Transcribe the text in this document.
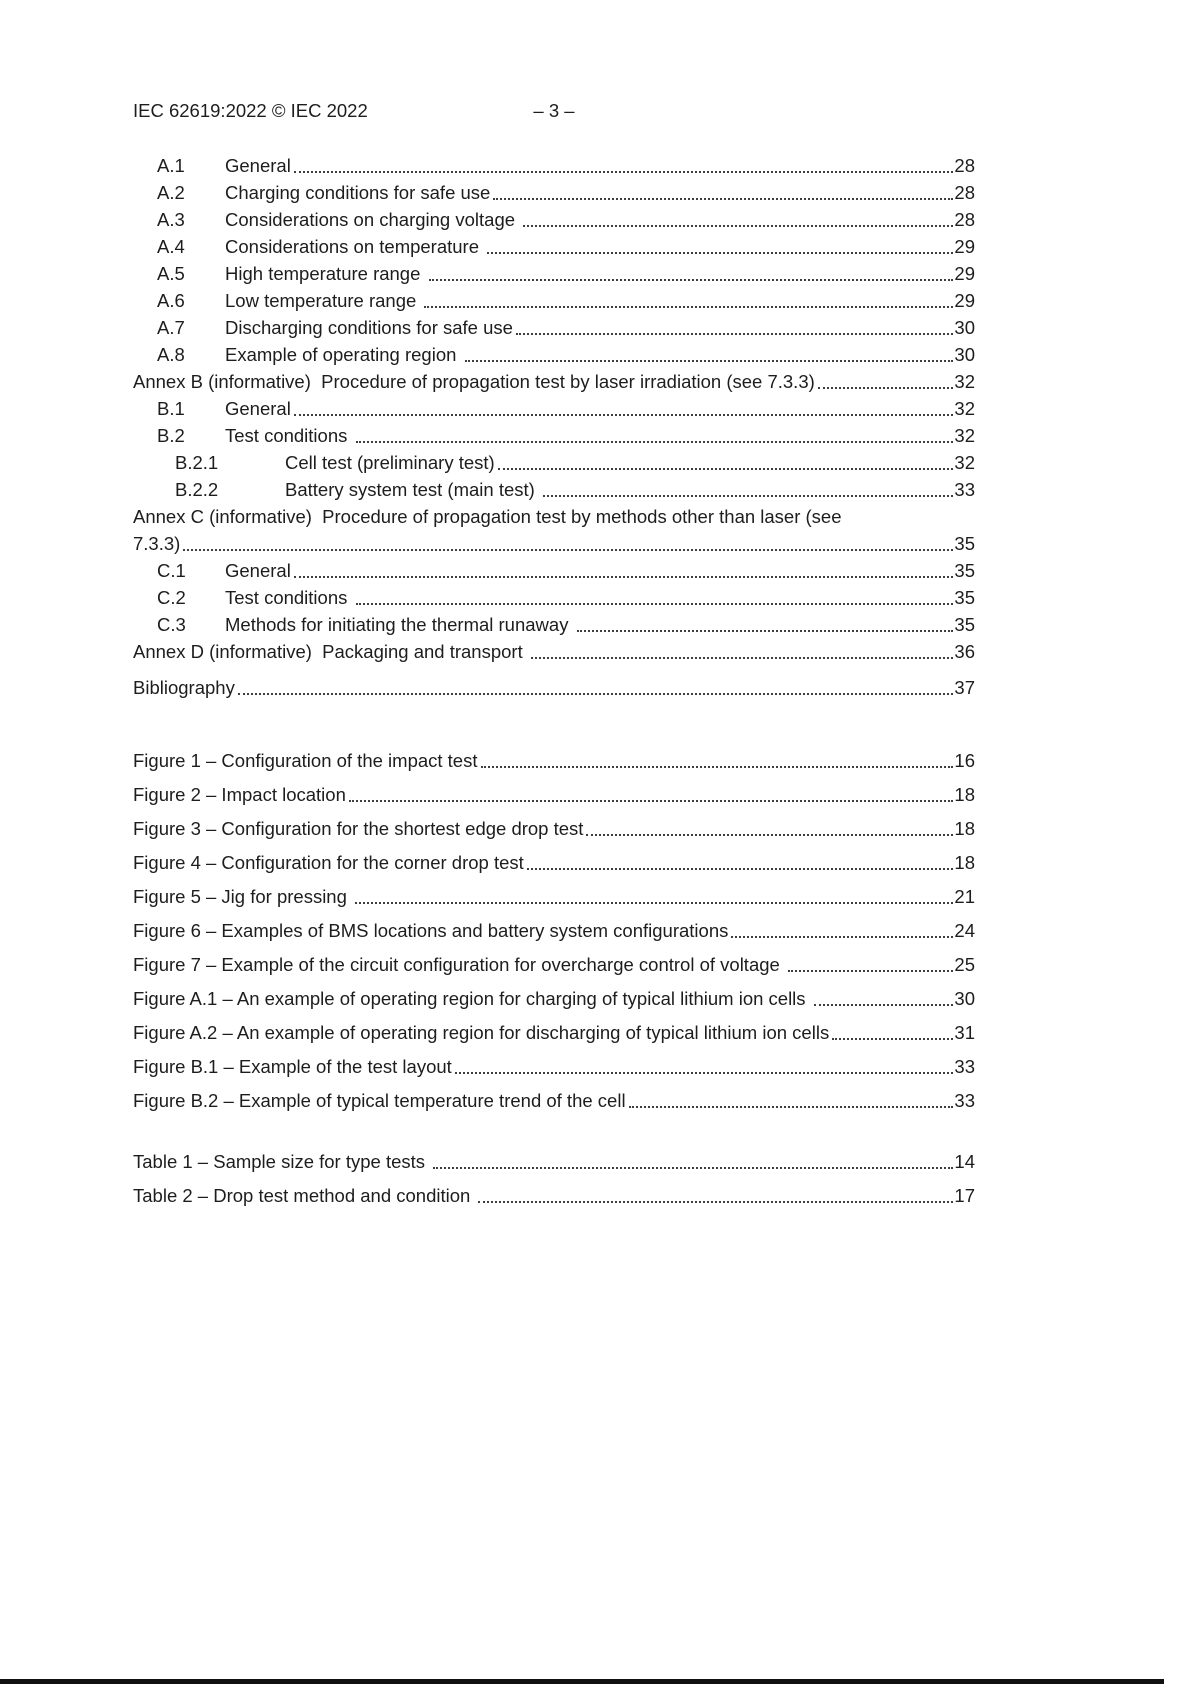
IEC 62619:2022 © IEC 2022	– 3 –
A.1	General	28
A.2	Charging conditions for safe use	28
A.3	Considerations on charging voltage	28
A.4	Considerations on temperature	29
A.5	High temperature range	29
A.6	Low temperature range	29
A.7	Discharging conditions for safe use	30
A.8	Example of operating region	30
Annex B (informative)  Procedure of propagation test by laser irradiation (see 7.3.3)	32
B.1	General	32
B.2	Test conditions	32
B.2.1	Cell test (preliminary test)	32
B.2.2	Battery system test (main test)	33
Annex C (informative)  Procedure of propagation test by methods other than laser (see
7.3.3)	35
C.1	General	35
C.2	Test conditions	35
C.3	Methods for initiating the thermal runaway	35
Annex D (informative)  Packaging and transport	36
Bibliography	37
Figure 1 – Configuration of the impact test	16
Figure 2 – Impact location	18
Figure 3 – Configuration for the shortest edge drop test	18
Figure 4 – Configuration for the corner drop test	18
Figure 5 – Jig for pressing	21
Figure 6 – Examples of BMS locations and battery system configurations	24
Figure 7 – Example of the circuit configuration for overcharge control of voltage	25
Figure A.1 – An example of operating region for charging of typical lithium ion cells	30
Figure A.2 – An example of operating region for discharging of typical lithium ion cells	31
Figure B.1 – Example of the test layout	33
Figure B.2 – Example of typical temperature trend of the cell	33
Table 1 – Sample size for type tests	14
Table 2 – Drop test method and condition	17
